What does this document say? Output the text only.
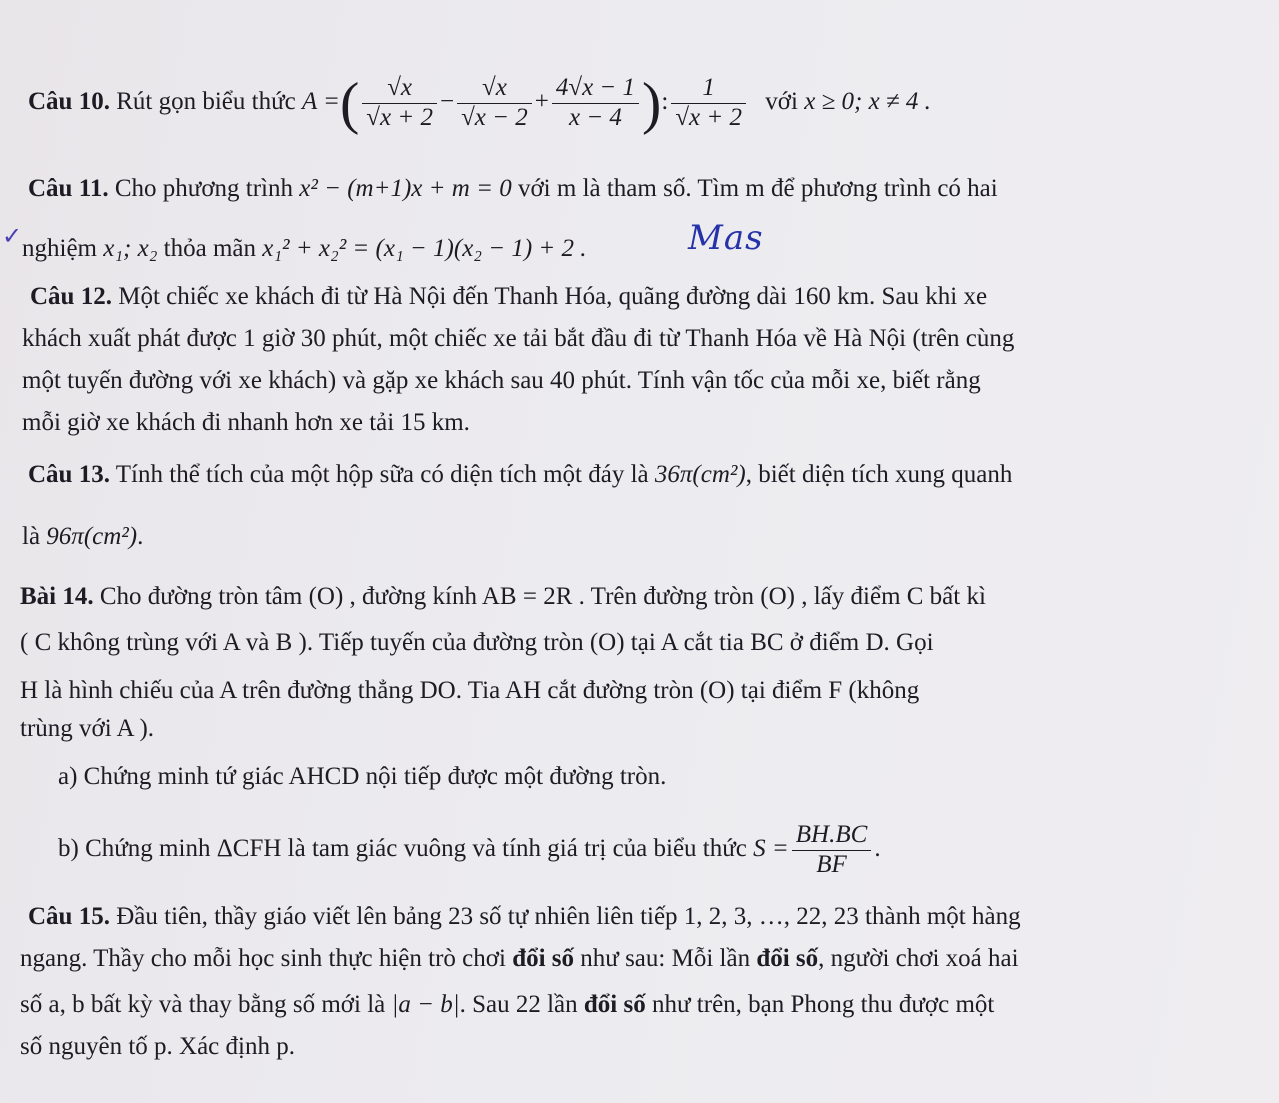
Câu 10. Rút gọn biểu thức A =( $\frac{√x}{√x + 2} - \frac{√x}{√x - 2} + \frac{4√x - 1}{x - 4}$ ): $\frac{1}{√x + 2}$ với x ≥ 0; x ≠ 4 .
Câu 11. Cho phương trình x² − (m+1)x + m = 0 với m là tham số. Tìm m để phương trình có hai
✓ nghiệm x₁; x₂ thỏa mãn x₁² + x₂² = (x₁ − 1)(x₂ − 1) + 2 .	Mas
Câu 12. Một chiếc xe khách đi từ Hà Nội đến Thanh Hóa, quãng đường dài 160 km. Sau khi xe
khách xuất phát được 1 giờ 30 phút, một chiếc xe tải bắt đầu đi từ Thanh Hóa về Hà Nội (trên cùng
một tuyến đường với xe khách) và gặp xe khách sau 40 phút. Tính vận tốc của mỗi xe, biết rằng
mỗi giờ xe khách đi nhanh hơn xe tải 15 km.
Câu 13. Tính thể tích của một hộp sữa có diện tích một đáy là 36π(cm²), biết diện tích xung quanh
là 96π(cm²).
Bài 14. Cho đường tròn tâm (O) , đường kính AB = 2R . Trên đường tròn (O) , lấy điểm C bất kì
( C không trùng với A và B ). Tiếp tuyến của đường tròn (O) tại A cắt tia BC ở điểm D. Gọi
H là hình chiếu của A trên đường thẳng DO. Tia AH cắt đường tròn (O) tại điểm F (không
trùng với A ).
a) Chứng minh tứ giác AHCD nội tiếp được một đường tròn.
b) Chứng minh ΔCFH là tam giác vuông và tính giá trị của biểu thức $S = \frac{BH.BC}{BF}$ .
Câu 15. Đầu tiên, thầy giáo viết lên bảng 23 số tự nhiên liên tiếp 1, 2, 3, …, 22, 23 thành một hàng
ngang. Thầy cho mỗi học sinh thực hiện trò chơi đổi số như sau: Mỗi lần đổi số, người chơi xoá hai
số a, b bất kỳ và thay bằng số mới là |a − b|. Sau 22 lần đổi số như trên, bạn Phong thu được một
số nguyên tố p. Xác định p.
